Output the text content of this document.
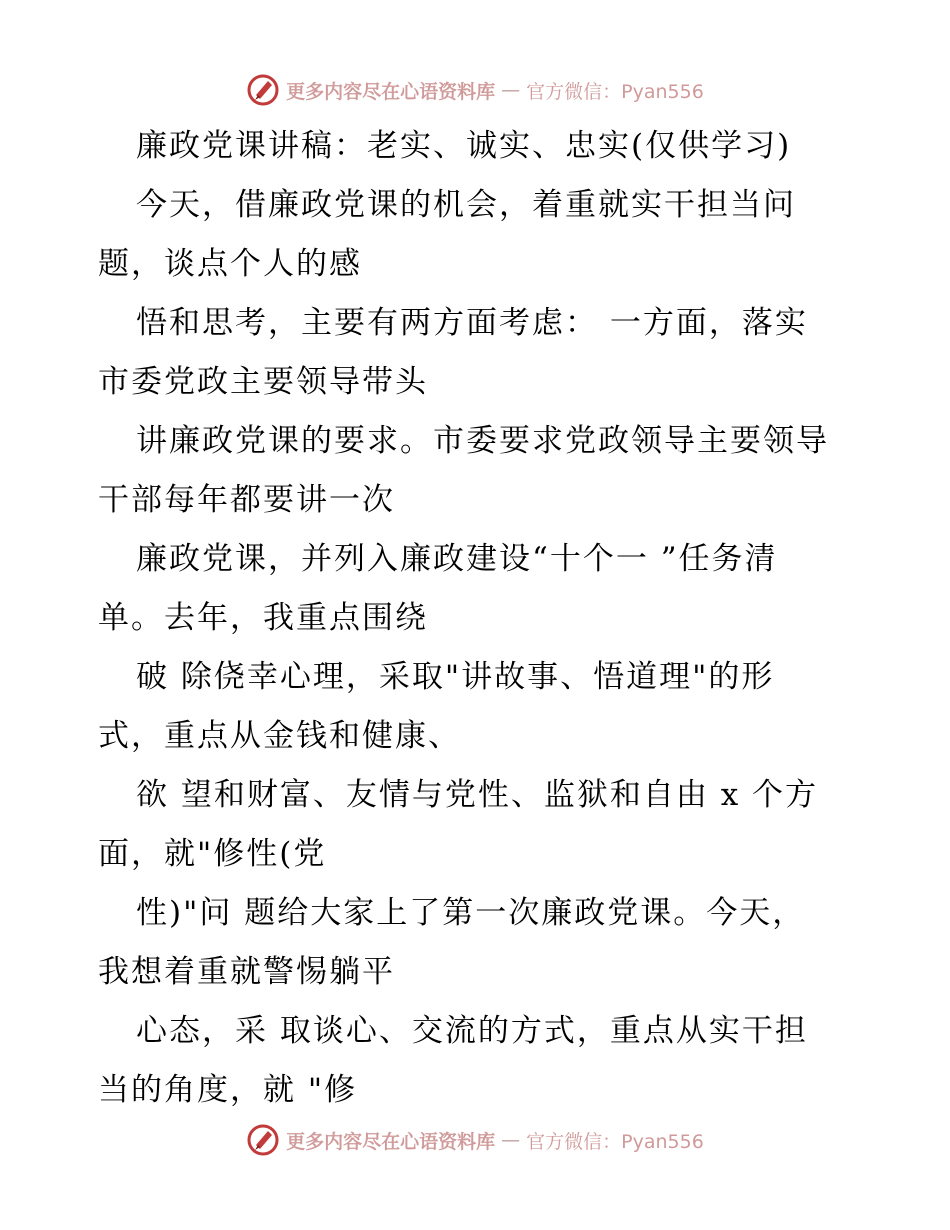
更多内容尽在心语资料库 — 官方微信：Pyan556
廉政党课讲稿：老实、诚实、忠实(仅供学习)
今天，借廉政党课的机会，着重就实干担当问
题，谈点个人的感
悟和思考，主要有两方面考虑： 一方面，落实
市委党政主要领导带头
讲廉政党课的要求。市委要求党政领导主要领导
干部每年都要讲一次
廉政党课，并列入廉政建设“十个一 ”任务清
单。去年，我重点围绕
破 除侥幸心理，采取"讲故事、悟道理"的形
式，重点从金钱和健康、
欲 望和财富、友情与党性、监狱和自由 x 个方
面，就"修性(党
性)"问 题给大家上了第一次廉政党课。今天，
我想着重就警惕躺平
心态，采 取谈心、交流的方式，重点从实干担
当的角度，就 "修
更多内容尽在心语资料库 — 官方微信：Pyan556
